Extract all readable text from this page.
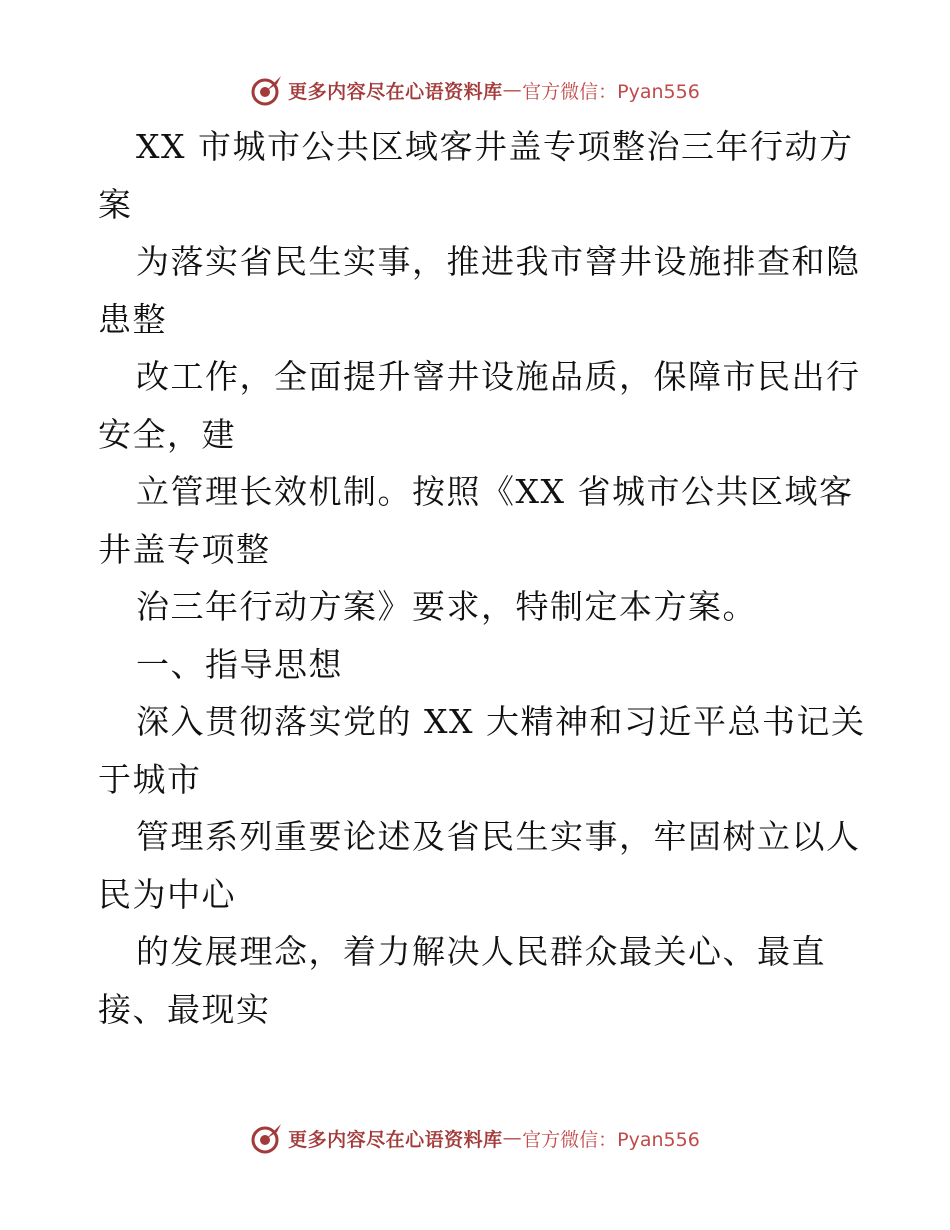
更多内容尽在心语资料库 — 官方微信：Pyan556
XX 市城市公共区域客井盖专项整治三年行动方
案
为落实省民生实事，推进我市窨井设施排查和隐
患整
改工作，全面提升窨井设施品质，保障市民出行
安全，建
立管理长效机制。按照《XX 省城市公共区域客
井盖专项整
治三年行动方案》要求，特制定本方案。
一、指导思想
深入贯彻落实党的 XX 大精神和习近平总书记关
于城市
管理系列重要论述及省民生实事，牢固树立以人
民为中心
的发展理念，着力解决人民群众最关心、最直
接、最现实
更多内容尽在心语资料库 — 官方微信：Pyan556
